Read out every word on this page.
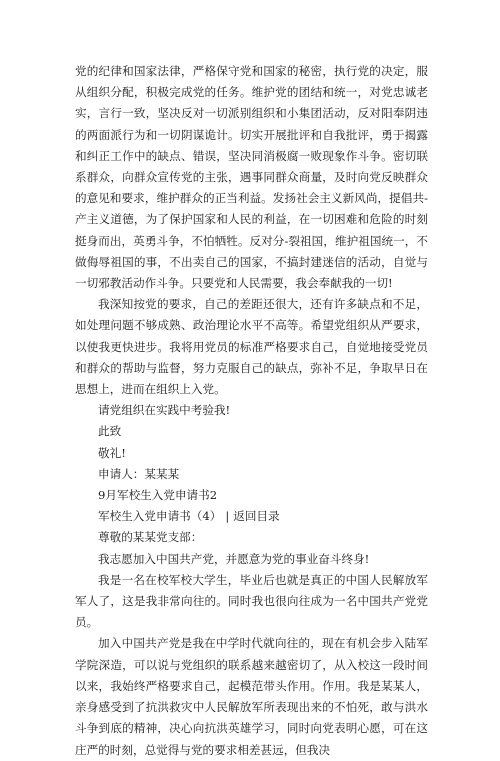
党的纪律和国家法律，严格保守党和国家的秘密，执行党的决定，服从组织分配，积极完成党的任务。维护党的团结和统一，对党忠诚老实，言行一致，坚决反对一切派别组织和小集团活动，反对阳奉阴违的两面派行为和一切阴谋诡计。切实开展批评和自我批评，勇于揭露和纠正工作中的缺点、错误，坚决同消极腐一败现象作斗争。密切联系群众，向群众宣传党的主张，遇事同群众商量，及时向党反映群众的意见和要求，维护群众的正当利益。发扬社会主义新风尚，提倡共-产主义道德，为了保护国家和人民的利益，在一切困难和危险的时刻挺身而出，英勇斗争，不怕牺牲。反对分-裂祖国，维护祖国统一，不做侮辱祖国的事，不出卖自己的国家，不搞封建迷信的活动，自觉与一切邪教活动作斗争。只要党和人民需要，我会奉献我的一切!

我深知按党的要求，自己的差距还很大，还有许多缺点和不足，如处理问题不够成熟、政治理论水平不高等。希望党组织从严要求，以使我更快进步。我将用党员的标准严格要求自己，自觉地接受党员和群众的帮助与监督，努力克服自己的缺点，弥补不足，争取早日在思想上，进而在组织上入党。

请党组织在实践中考验我!

此致

敬礼!

申请人：某某某

9月军校生入党申请书2

军校生入党申请书（4） | 返回目录

尊敬的某某党支部：

我志愿加入中国共产党，并愿意为党的事业奋斗终身!

我是一名在校军校大学生，毕业后也就是真正的中国人民解放军军人了，这是我非常向往的。同时我也很向往成为一名中国共产党党员。

加入中国共产党是我在中学时代就向往的，现在有机会步入陆军学院深造，可以说与党组织的联系越来越密切了，从入校这一段时间以来，我始终严格要求自己，起模范带头作用。作用。我是某某人，亲身感受到了抗洪救灾中人民解放军所表现出来的不怕死，敢与洪水斗争到底的精神，决心向抗洪英雄学习，同时向党表明心愿，可在这庄严的时刻，总觉得与党的要求相差甚远，但我决
